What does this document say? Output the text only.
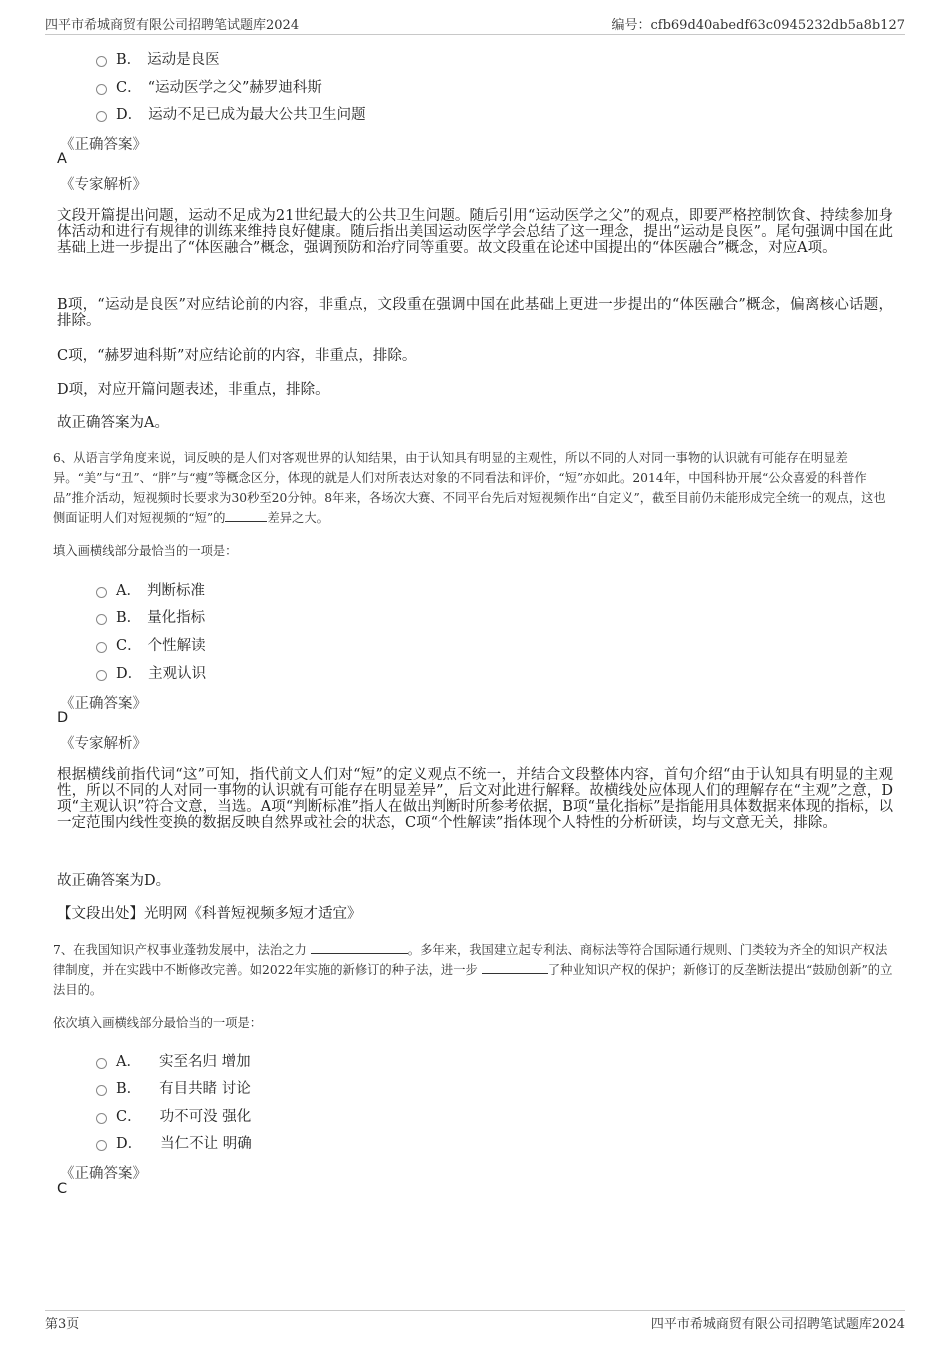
四平市希城商贸有限公司招聘笔试题库2024	编号：cfb69d40abedf63c0945232db5a8b127
B． 运动是良医
C． “运动医学之父”赫罗迪科斯
D． 运动不足已成为最大公共卫生问题
《正确答案》
A
《专家解析》

文段开篇提出问题，运动不足成为21世纪最大的公共卫生问题。随后引用“运动医学之父”的观点，即要严格控制饮食、持续参加身体活动和进行有规律的训练来维持良好健康。随后指出美国运动医学学会总结了这一理念，提出“运动是良医”。尾句强调中国在此基础上进一步提出了“体医融合”概念，强调预防和治疗同等重要。故文段重在论述中国提出的“体医融合”概念，对应A项。

B项，“运动是良医”对应结论前的内容，非重点，文段重在强调中国在此基础上更进一步提出的“体医融合”概念，偏离核心话题，排除。

C项，“赫罗迪科斯”对应结论前的内容，非重点，排除。

D项，对应开篇问题表述，非重点，排除。

故正确答案为A。

6、从语言学角度来说，词反映的是人们对客观世界的认知结果，由于认知具有明显的主观性，所以不同的人对同一事物的认识就有可能存在明显差异。“美”与“丑”、“胖”与“瘦”等概念区分，体现的就是人们对所表达对象的不同看法和评价，“短”亦如此。2014年，中国科协开展“公众喜爱的科普作品”推介活动，短视频时长要求为30秒至20分钟。8年来，各场次大赛、不同平台先后对短视频作出“自定义”，截至目前仍未能形成完全统一的观点，这也侧面证明人们对短视频的“短”的	差异之大。

填入画横线部分最恰当的一项是：
A． 判断标准
B． 量化指标
C． 个性解读
D． 主观认识
《正确答案》
D
《专家解析》

根据横线前指代词“这”可知，指代前文人们对“短”的定义观点不统一，并结合文段整体内容，首句介绍“由于认知具有明显的主观性，所以不同的人对同一事物的认识就有可能存在明显差异”，后文对此进行解释。故横线处应体现人们的理解存在“主观”之意，D项“主观认识”符合文意，当选。A项“判断标准”指人在做出判断时所参考依据，B项“量化指标”是指能用具体数据来体现的指标，以一定范围内线性变换的数据反映自然界或社会的状态，C项“个性解读”指体现个人特性的分析研读，均与文意无关，排除。

故正确答案为D。

【文段出处】光明网《科普短视频多短才适宜》

7、在我国知识产权事业蓬勃发展中，法治之力	。多年来，我国建立起专利法、商标法等符合国际通行规则、门类较为齐全的知识产权法律制度，并在实践中不断修改完善。如2022年实施的新修订的种子法，进一步	了种业知识产权的保护；新修订的反垄断法提出“鼓励创新”的立法目的。

依次填入画横线部分最恰当的一项是：
A． 实至名归 增加
B． 有目共睹 讨论
C． 功不可没 强化
D． 当仁不让 明确
《正确答案》
C
第3页	四平市希城商贸有限公司招聘笔试题库2024
